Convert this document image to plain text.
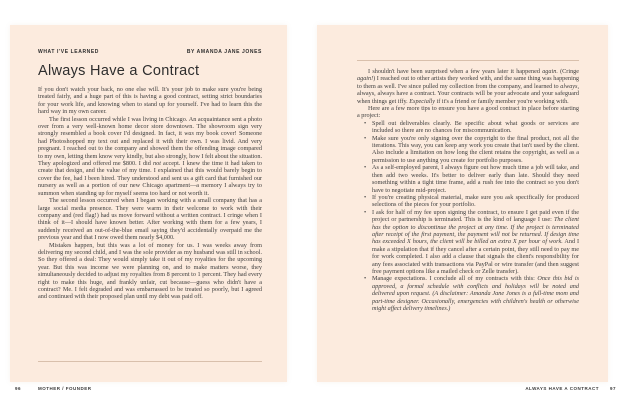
WHAT I'VE LEARNED	BY AMANDA JANE JONES
Always Have a Contract

If you don't watch your back, no one else will. It's your job to make sure you're being treated fairly, and a huge part of this is having a good contract, setting strict boundaries for your work life, and knowing when to stand up for yourself. I've had to learn this the hard way in my own career.

The first lesson occurred while I was living in Chicago. An acquaintance sent a photo over from a very well-known home decor store downtown. The showroom sign very strongly resembled a book cover I'd designed. In fact, it was my book cover! Someone had Photoshopped my text out and replaced it with their own. I was livid. And very pregnant. I reached out to the company and showed them the offending image compared to my own, letting them know very kindly, but also strongly, how I felt about the situation. They apologized and offered me $800. I did not accept. I knew the time it had taken to create that design, and the value of my time. I explained that this would barely begin to cover the fee, had I been hired. They understood and sent us a gift card that furnished our nursery as well as a portion of our new Chicago apartment—a memory I always try to summon when standing up for myself seems too hard or not worth it.

The second lesson occurred when I began working with a small company that has a large social media presence. They were warm in their welcome to work with their company and (red flag!) had us move forward without a written contract. I cringe when I think of it—I should have known better. After working with them for a few years, I suddenly received an out-of-the-blue email saying they'd accidentally overpaid me the previous year and that I now owed them nearly $4,000.

Mistakes happen, but this was a lot of money for us. I was weeks away from delivering my second child, and I was the sole provider as my husband was still in school. So they offered a deal: They would simply take it out of my royalties for the upcoming year. But this was income we were planning on, and to make matters worse, they simultaneously decided to adjust my royalties from 8 percent to 1 percent. They had every right to make this huge, and frankly unfair, cut because—guess who didn't have a contract? Me. I felt degraded and was embarrassed to be treated so poorly, but I agreed and continued with their proposed plan until my debt was paid off.

I shouldn't have been surprised when a few years later it happened again. (Cringe again!) I reached out to other artists they worked with, and the same thing was happening to them as well. I've since pulled my collection from the company, and learned to always, always, always have a contract. Your contracts will be your advocate and your safeguard when things get iffy. Especially if it's a friend or family member you're working with.

Here are a few more tips to ensure you have a good contract in place before starting a project:

• Spell out deliverables clearly. Be specific about what goods or services are included so there are no chances for miscommunication.
• Make sure you're only signing over the copyright to the final product, not all the iterations. This way, you can keep any work you create that isn't used by the client. Also include a limitation on how long the client retains the copyright, as well as a permission to use anything you create for portfolio purposes.
• As a self-employed parent, I always figure out how much time a job will take, and then add two weeks. It's better to deliver early than late. Should they need something within a tight time frame, add a rush fee into the contract so you don't have to negotiate mid-project.
• If you're creating physical material, make sure you ask specifically for produced selections of the pieces for your portfolio.
• I ask for half of my fee upon signing the contract, to ensure I get paid even if the project or partnership is terminated. This is the kind of language I use: The client has the option to discontinue the project at any time. If the project is terminated after receipt of the first payment, the payment will not be returned. If design time has exceeded X hours, the client will be billed an extra X per hour of work. And I make a stipulation that if they cancel after a certain point, they still need to pay me for work completed. I also add a clause that signals the client's responsibility for any fees associated with transactions via PayPal or wire transfer (and then suggest free payment options like a mailed check or Zelle transfer).
• Manage expectations. I conclude all of my contracts with this: Once this bid is approved, a formal schedule with conflicts and holidays will be noted and delivered upon request. (A disclaimer: Amanda Jane Jones is a full-time mom and part-time designer. Occasionally, emergencies with children's health or otherwise might affect delivery timelines.)
96	MOTHER / FOUNDER	ALWAYS HAVE A CONTRACT 97
